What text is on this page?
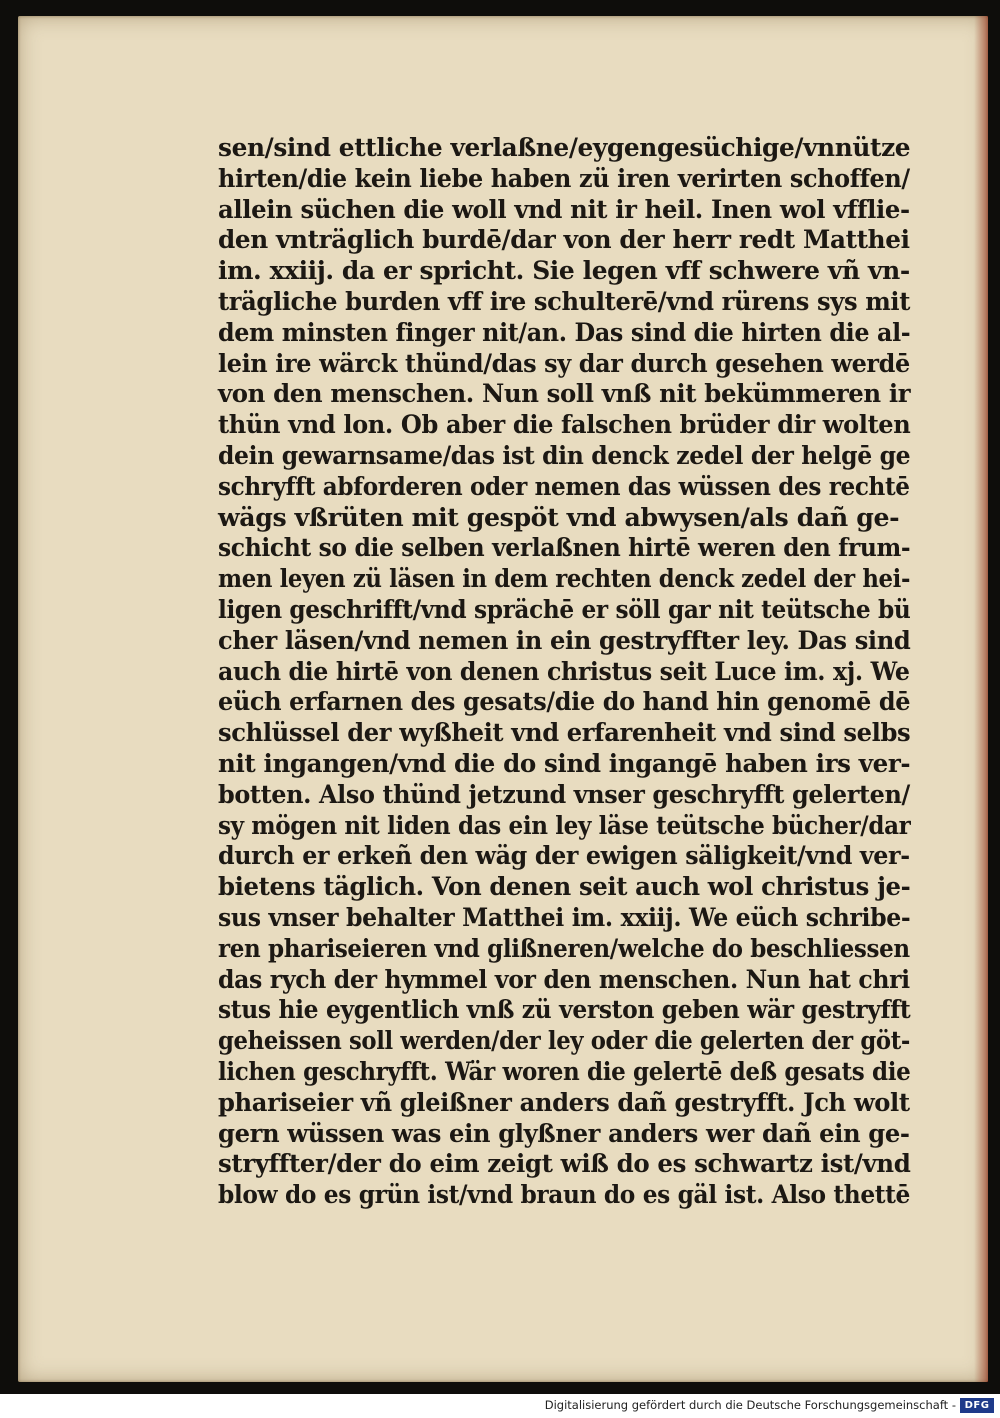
sen/sind ettliche verlaßne/eygengesüchige/vnnütze
hirten/die kein liebe haben zü iren verirten schoffen/
allein süchen die woll vnd nit ir heil. Inen wol vfflie-
den vnträglich burdē/dar von der herr redt Matthei
im. xxiij. da er spricht. Sie legen vff schwere vñ vn-
trägliche burden vff ire schulterē/vnd rürens sys mit
dem minsten finger nit/an. Das sind die hirten die al-
lein ire wärck thünd/das sy dar durch gesehen werdē
von den menschen. Nun soll vnß nit bekümmeren ir
thün vnd lon. Ob aber die falschen brüder dir wolten
dein gewarnsame/das ist din denck zedel der helgē ge
schryfft abforderen oder nemen das wüssen des rechtē
wägs vßrüten mit gespöt vnd abwysen/als dañ ge-
schicht so die selben verlaßnen hirtē weren den frum-
men leyen zü läsen in dem rechten denck zedel der hei-
ligen geschrifft/vnd sprächē er söll gar nit teütsche bü
cher läsen/vnd nemen in ein gestryffter ley. Das sind
auch die hirtē von denen christus seit Luce im. xj. We
eüch erfarnen des gesats/die do hand hin genomē dē
schlüssel der wyßheit vnd erfarenheit vnd sind selbs
nit ingangen/vnd die do sind ingangē haben irs ver-
botten. Also thünd jetzund vnser geschryfft gelerten/
sy mögen nit liden das ein ley läse teütsche bücher/dar
durch er erkeñ den wäg der ewigen säligkeit/vnd ver-
bietens täglich. Von denen seit auch wol christus je-
sus vnser behalter Matthei im. xxiij. We eüch schribe-
ren phariseieren vnd glißneren/welche do beschliessen
das rych der hymmel vor den menschen. Nun hat chri
stus hie eygentlich vnß zü verston geben wär gestryfft
geheissen soll werden/der ley oder die gelerten der göt-
lichen geschryfft. Wär woren die gelertē deß gesats die
phariseier vñ gleißner anders dañ gestryfft. Jch wolt
gern wüssen was ein glyßner anders wer dañ ein ge-
stryffter/der do eim zeigt wiß do es schwartz ist/vnd
blow do es grün ist/vnd braun do es gäl ist. Also thettē
Digitalisierung gefördert durch die Deutsche Forschungsgemeinschaft - DFG
